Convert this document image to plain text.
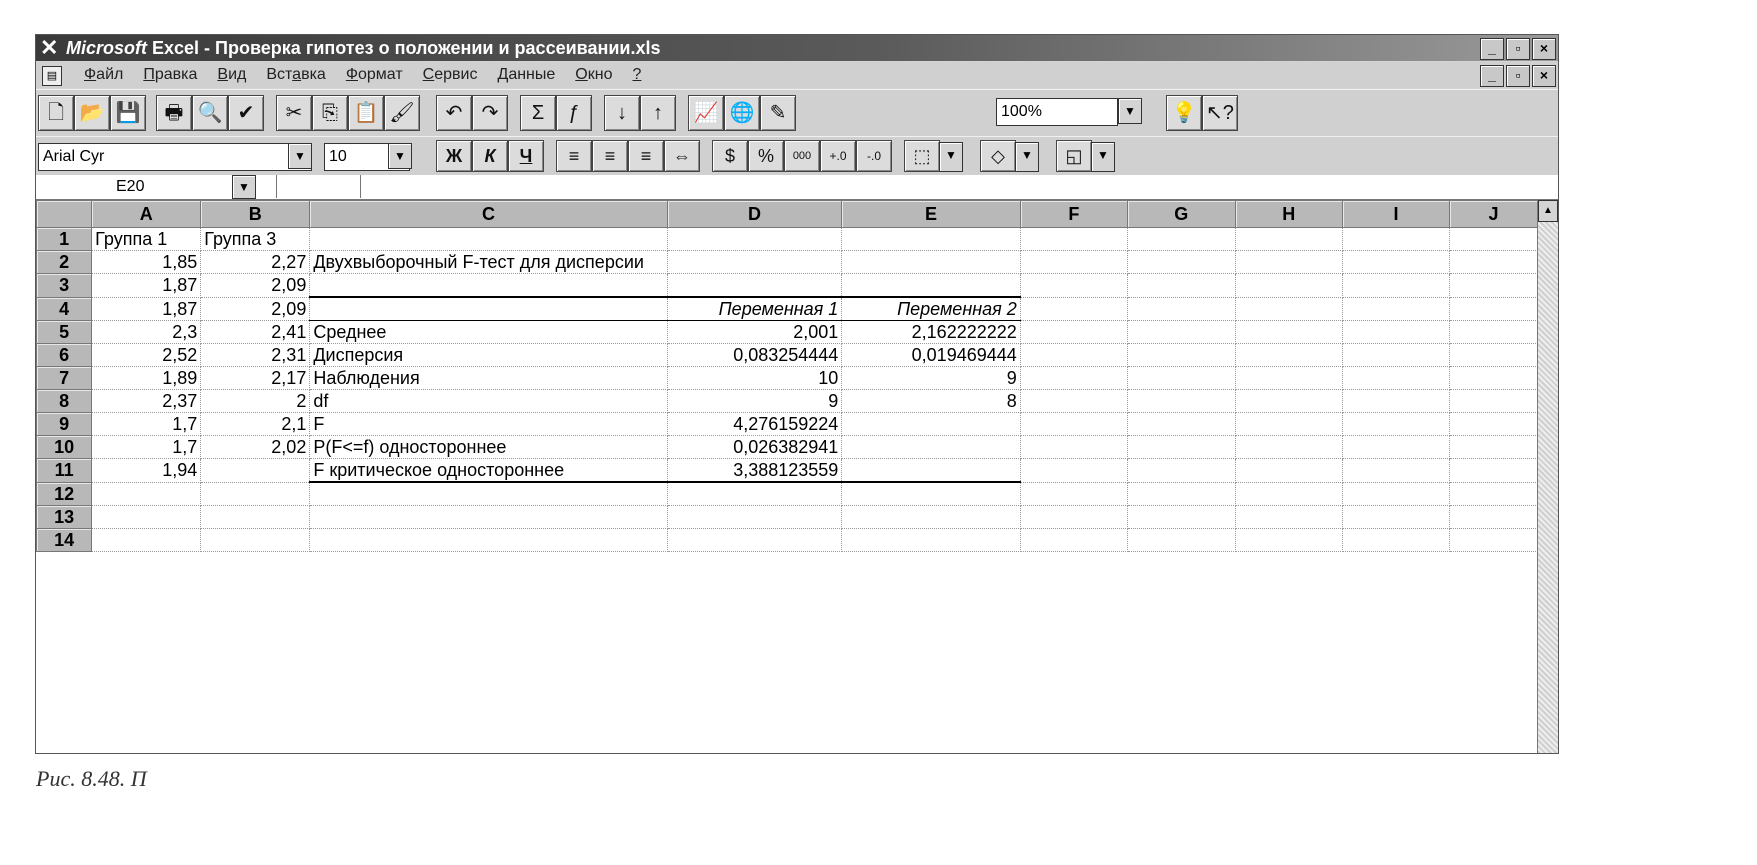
✕ Microsoft Excel - Проверка гипотез о положении и рассеивании.xls	_	▫	×
▤ Файл Правка Вид Вставка Формат Сервис Данные Окно ?	_	▫	×
🗋 📂 💾	🖶 🔍 ✔	✂ ⎘ 📋 🖌	↶ ↷	Σ	ƒ	↓	↑	📈 🌐 ✎	100%	▼	💡 ↖?
Arial Cyr	▼	10	▼	Ж	К	Ч	≡	≡	≡	⇔	$	%	000	+.0	-.0	⬚	▼	◇	▼	◱	▼
E20	▼
	A	B	C	D	E	F	G	H	I	J
1	Группа 1	Группа 3								
2	1,85	2,27	Двухвыборочный F-тест для дисперсии							
3	1,87	2,09								
4	1,87	2,09		Переменная 1	Переменная 2					
5	2,3	2,41	Среднее	2,001	2,162222222					
6	2,52	2,31	Дисперсия	0,083254444	0,019469444					
7	1,89	2,17	Наблюдения	10	9					
8	2,37	2	df	9	8					
9	1,7	2,1	F	4,276159224						
10	1,7	2,02	P(F<=f) одностороннее	0,026382941						
11	1,94		F критическое одностороннее	3,388123559						
12										
13										
14										
▲
Рис. 8.48. П
